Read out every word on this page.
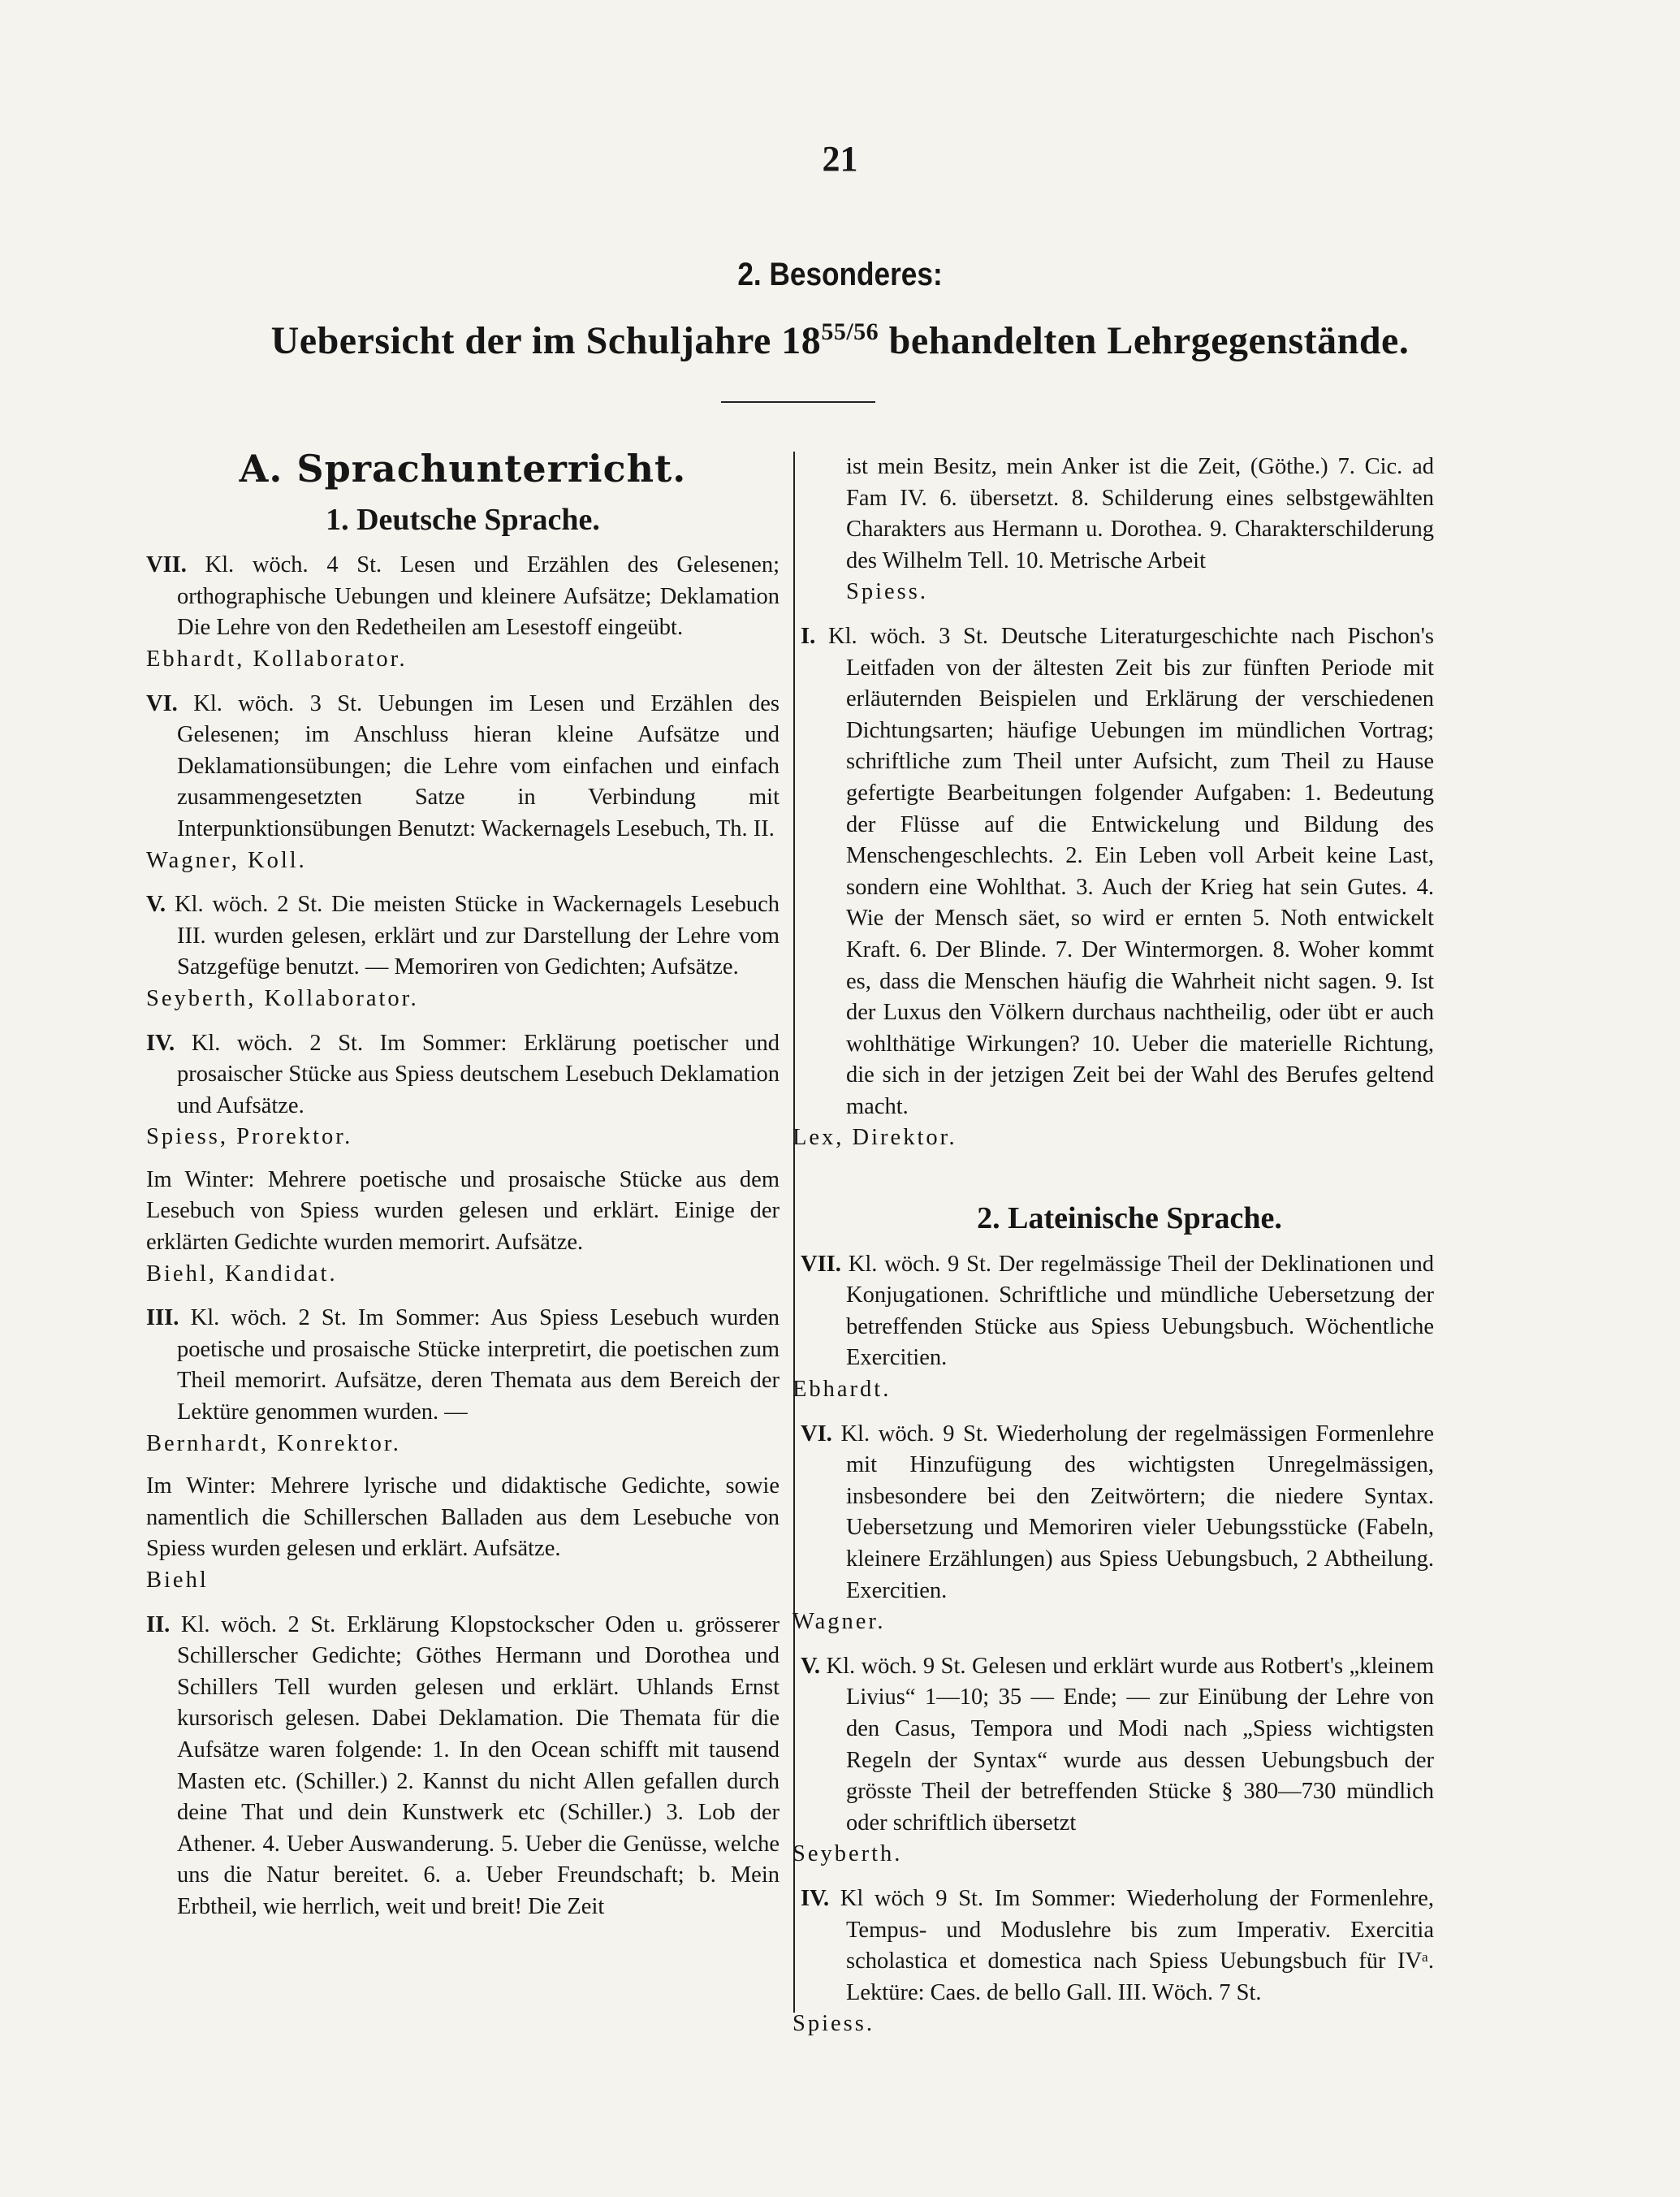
21
2. Besonderes:
Uebersicht der im Schuljahre $18^{55/56}$ behandelten Lehrgegenstände.
A. Sprachunterricht.
1. Deutsche Sprache.

VII. Kl. wöch. 4 St. Lesen und Erzählen des Gelesenen; orthographische Uebungen und kleinere Aufsätze; Deklamation Die Lehre von den Redetheilen am Lesestoff eingeübt.

Ebhardt, Kollaborator.

VI. Kl. wöch. 3 St. Uebungen im Lesen und Erzählen des Gelesenen; im Anschluss hieran kleine Aufsätze und Deklamationsübungen; die Lehre vom einfachen und einfach zusammengesetzten Satze in Verbindung mit Interpunktionsübungen Benutzt: Wackernagels Lesebuch, Th. II.

Wagner, Koll.

V. Kl. wöch. 2 St. Die meisten Stücke in Wackernagels Lesebuch III. wurden gelesen, erklärt und zur Darstellung der Lehre vom Satzgefüge benutzt. — Memoriren von Gedichten; Aufsätze.

Seyberth, Kollaborator.

IV. Kl. wöch. 2 St. Im Sommer: Erklärung poetischer und prosaischer Stücke aus Spiess deutschem Lesebuch Deklamation und Aufsätze.

Spiess, Prorektor.

Im Winter: Mehrere poetische und prosaische Stücke aus dem Lesebuch von Spiess wurden gelesen und erklärt. Einige der erklärten Gedichte wurden memorirt. Aufsätze.

Biehl, Kandidat.

III. Kl. wöch. 2 St. Im Sommer: Aus Spiess Lesebuch wurden poetische und prosaische Stücke interpretirt, die poetischen zum Theil memorirt. Aufsätze, deren Themata aus dem Bereich der Lektüre genommen wurden. —

Bernhardt, Konrektor.

Im Winter: Mehrere lyrische und didaktische Gedichte, sowie namentlich die Schillerschen Balladen aus dem Lesebuche von Spiess wurden gelesen und erklärt. Aufsätze.

Biehl

II. Kl. wöch. 2 St. Erklärung Klopstockscher Oden u. grösserer Schillerscher Gedichte; Göthes Hermann und Dorothea und Schillers Tell wurden gelesen und erklärt. Uhlands Ernst kursorisch gelesen. Dabei Deklamation. Die Themata für die Aufsätze waren folgende: 1. In den Ocean schifft mit tausend Masten etc. (Schiller.) 2. Kannst du nicht Allen gefallen durch deine That und dein Kunstwerk etc (Schiller.) 3. Lob der Athener. 4. Ueber Auswanderung. 5. Ueber die Genüsse, welche uns die Natur bereitet. 6. a. Ueber Freundschaft; b. Mein Erbtheil, wie herrlich, weit und breit! Die Zeit

ist mein Besitz, mein Anker ist die Zeit, (Göthe.) 7. Cic. ad Fam IV. 6. übersetzt. 8. Schilderung eines selbstgewählten Charakters aus Hermann u. Dorothea. 9. Charakterschilderung des Wilhelm Tell. 10. Metrische Arbeit

Spiess.

I. Kl. wöch. 3 St. Deutsche Literaturgeschichte nach Pischon's Leitfaden von der ältesten Zeit bis zur fünften Periode mit erläuternden Beispielen und Erklärung der verschiedenen Dichtungsarten; häufige Uebungen im mündlichen Vortrag; schriftliche zum Theil unter Aufsicht, zum Theil zu Hause gefertigte Bearbeitungen folgender Aufgaben: 1. Bedeutung der Flüsse auf die Entwickelung und Bildung des Menschengeschlechts. 2. Ein Leben voll Arbeit keine Last, sondern eine Wohlthat. 3. Auch der Krieg hat sein Gutes. 4. Wie der Mensch säet, so wird er ernten 5. Noth entwickelt Kraft. 6. Der Blinde. 7. Der Wintermorgen. 8. Woher kommt es, dass die Menschen häufig die Wahrheit nicht sagen. 9. Ist der Luxus den Völkern durchaus nachtheilig, oder übt er auch wohlthätige Wirkungen? 10. Ueber die materielle Richtung, die sich in der jetzigen Zeit bei der Wahl des Berufes geltend macht.

Lex, Direktor.

2. Lateinische Sprache.

VII. Kl. wöch. 9 St. Der regelmässige Theil der Deklinationen und Konjugationen. Schriftliche und mündliche Uebersetzung der betreffenden Stücke aus Spiess Uebungsbuch. Wöchentliche Exercitien.

Ebhardt.

VI. Kl. wöch. 9 St. Wiederholung der regelmässigen Formenlehre mit Hinzufügung des wichtigsten Unregelmässigen, insbesondere bei den Zeitwörtern; die niedere Syntax. Uebersetzung und Memoriren vieler Uebungsstücke (Fabeln, kleinere Erzählungen) aus Spiess Uebungsbuch, 2 Abtheilung. Exercitien.

Wagner.

V. Kl. wöch. 9 St. Gelesen und erklärt wurde aus Rotbert's „kleinem Livius“ 1—10; 35 — Ende; — zur Einübung der Lehre von den Casus, Tempora und Modi nach „Spiess wichtigsten Regeln der Syntax“ wurde aus dessen Uebungsbuch der grösste Theil der betreffenden Stücke § 380—730 mündlich oder schriftlich übersetzt

Seyberth.

IV. Kl wöch 9 St. Im Sommer: Wiederholung der Formenlehre, Tempus- und Moduslehre bis zum Imperativ. Exercitia scholastica et domestica nach Spiess Uebungsbuch für IVᵃ. Lektüre: Caes. de bello Gall. III. Wöch. 7 St.

Spiess.
